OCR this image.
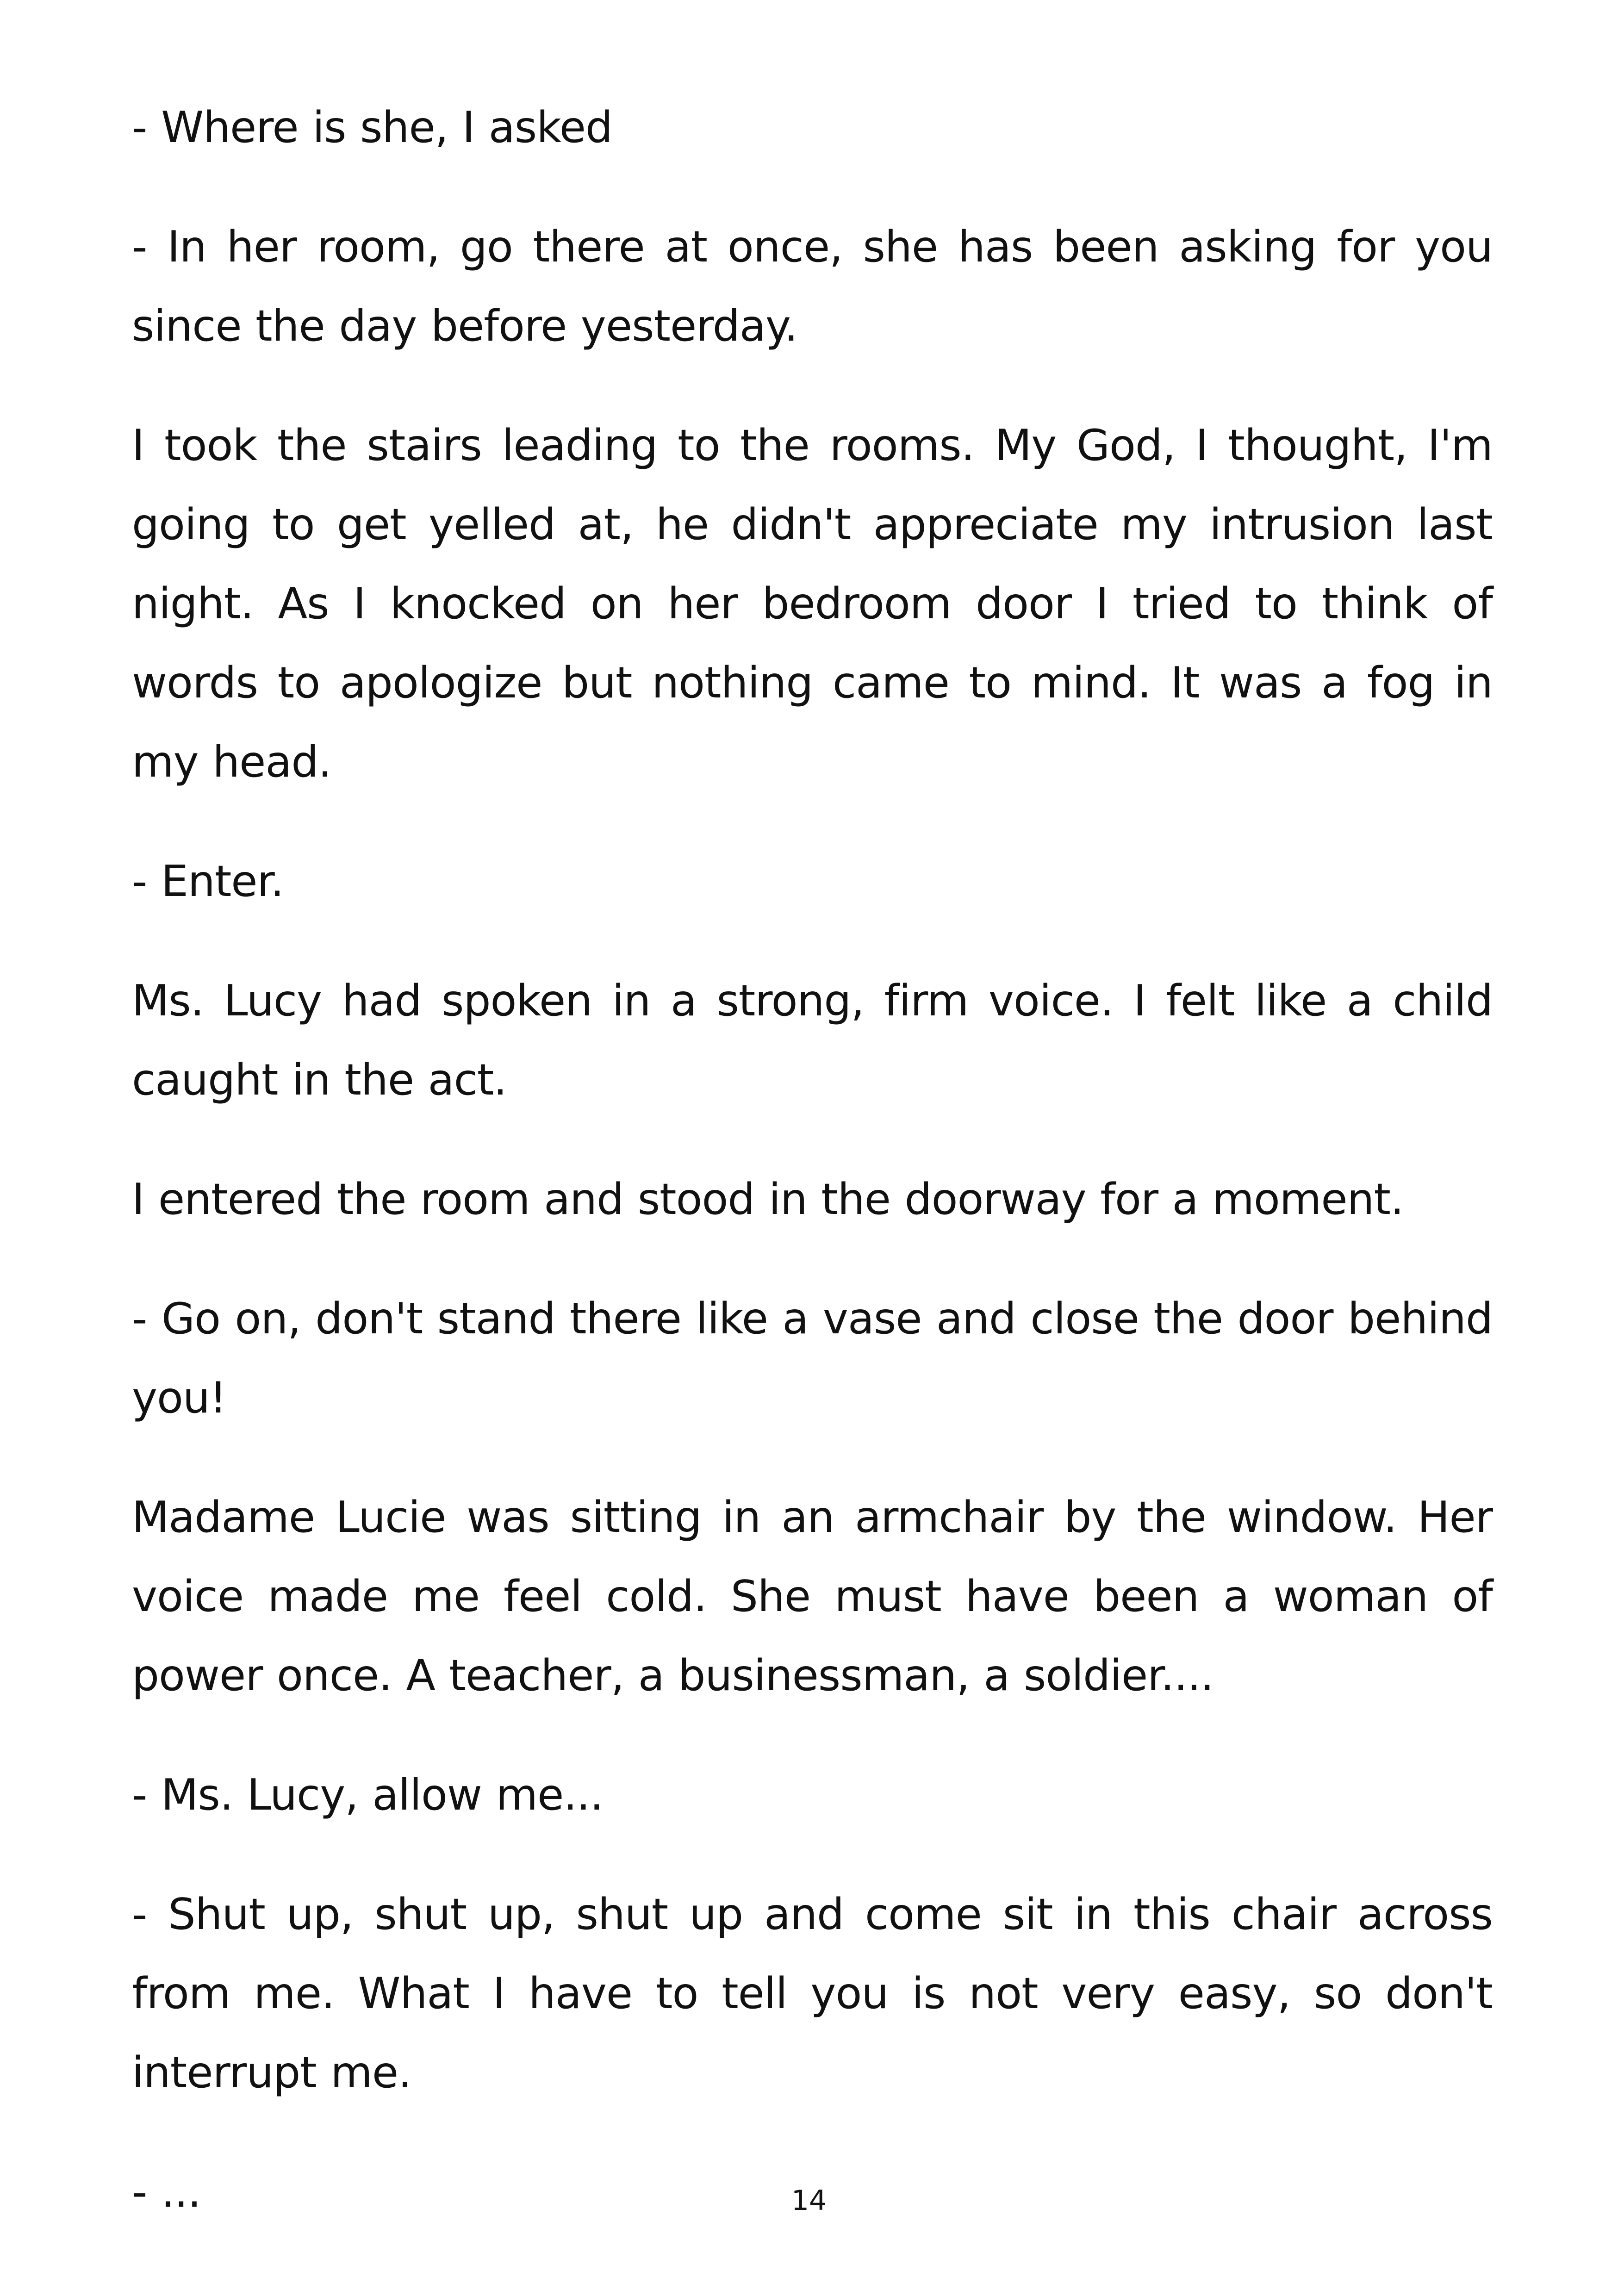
- Where is she, I asked

- In her room, go there at once, she has been asking for you since the day before yesterday.

I took the stairs leading to the rooms. My God, I thought, I'm going to get yelled at, he didn't appreciate my intrusion last night. As I knocked on her bedroom door I tried to think of words to apologize but nothing came to mind. It was a fog in my head.

- Enter.

Ms. Lucy had spoken in a strong, firm voice. I felt like a child caught in the act.

I entered the room and stood in the doorway for a moment.

- Go on, don't stand there like a vase and close the door behind you!

Madame Lucie was sitting in an armchair by the window. Her voice made me feel cold. She must have been a woman of power once. A teacher, a businessman, a soldier....

- Ms. Lucy, allow me...

- Shut up, shut up, shut up and come sit in this chair across from me. What I have to tell you is not very easy, so don't interrupt me.

- ...	14
